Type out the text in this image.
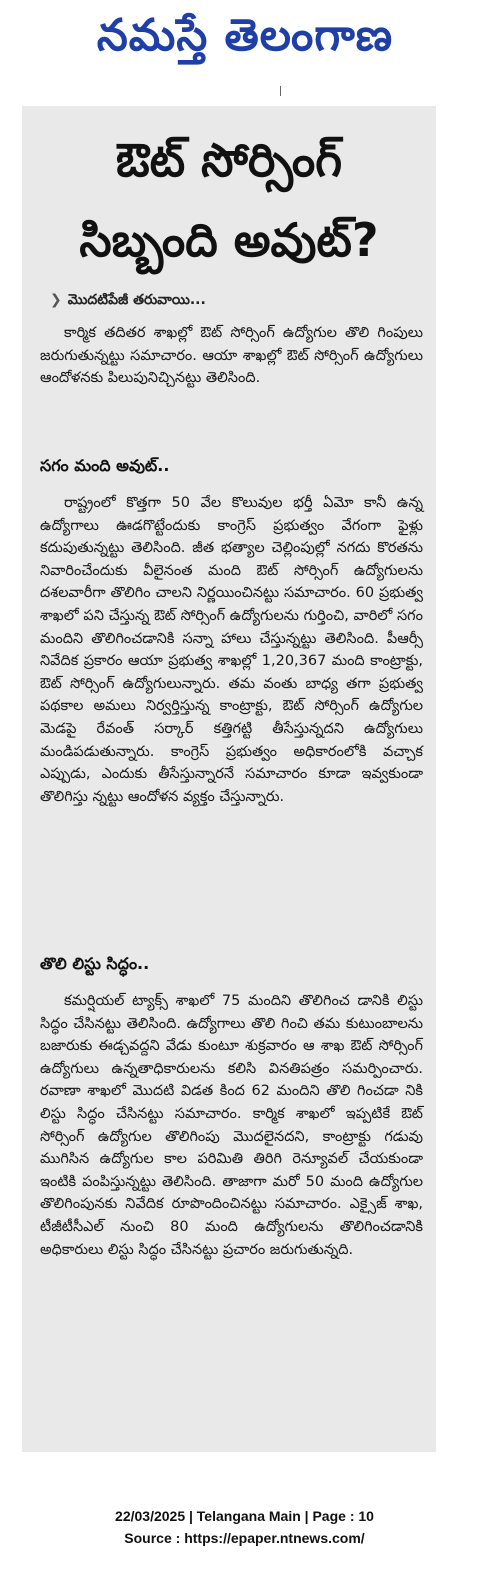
నమస్తే తెలంగాణ
ఔట్ సోర్సింగ్
సిబ్బంది అవుట్?
❯ మొదటిపేజీ తరువాయి...
కార్మిక తదితర శాఖల్లో ఔట్ సోర్సింగ్ ఉద్యోగుల తొలి గింపులు జరుగుతున్నట్టు సమాచారం. ఆయా శాఖల్లో ఔట్ సోర్సింగ్ ఉద్యోగులు ఆందోళనకు పిలుపునిచ్చినట్టు తెలిసింది.
సగం మంది అవుట్..
రాష్ట్రంలో కొత్తగా 50 వేల కొలువుల భర్తీ ఏమో కానీ ఉన్న ఉద్యోగాలు ఊడగొట్టేందుకు కాంగ్రెస్ ప్రభుత్వం వేగంగా ఫైళ్లు కదుపుతున్నట్టు తెలిసింది. జీత భత్యాల చెల్లింపుల్లో నగదు కొరతను నివారించేందుకు వీలైనంత మంది ఔట్ సోర్సింగ్ ఉద్యోగులను దశలవారీగా తొలిగిం చాలని నిర్ణయించినట్టు సమాచారం. 60 ప్రభుత్వ శాఖలో పని చేస్తున్న ఔట్ సోర్సింగ్ ఉద్యోగులను గుర్తించి, వారిలో సగం మందిని తొలిగించడానికి సన్నా హాలు చేస్తున్నట్టు తెలిసింది. పీఆర్సీ నివేదిక ప్రకారం ఆయా ప్రభుత్వ శాఖల్లో 1,20,367 మంది కాంట్రాక్టు, ఔట్ సోర్సింగ్ ఉద్యోగులున్నారు. తమ వంతు బాధ్య తగా ప్రభుత్వ పథకాల అమలు నిర్వర్తిస్తున్న కాంట్రాక్టు, ఔట్ సోర్సింగ్ ఉద్యోగుల మెడపై రేవంత్ సర్కార్ కత్తిగట్టి తీసేస్తున్నదని ఉద్యోగులు మండిపడుతున్నారు. కాంగ్రెస్ ప్రభుత్వం అధికారంలోకి వచ్చాక ఎప్పుడు, ఎందుకు తీసేస్తున్నారనే సమాచారం కూడా ఇవ్వకుండా తొలిగిస్తు న్నట్టు ఆందోళన వ్యక్తం చేస్తున్నారు.
తొలి లిస్టు సిద్ధం..
కమర్షియల్ ట్యాక్స్ శాఖలో 75 మందిని తొలిగించ డానికి లిస్టు సిద్ధం చేసినట్టు తెలిసింది. ఉద్యోగాలు తొలి గించి తమ కుటుంబాలను బజారుకు ఈడ్చవద్దని వేడు కుంటూ శుక్రవారం ఆ శాఖ ఔట్ సోర్సింగ్ ఉద్యోగులు ఉన్నతాధికారులను కలిసి వినతిపత్రం సమర్పించారు. రవాణా శాఖలో మొదటి విడత కింద 62 మందిని తొలి గించడా నికి లిస్టు సిద్ధం చేసినట్టు సమాచారం. కార్మిక శాఖలో ఇప్పటికే ఔట్ సోర్సింగ్ ఉద్యోగుల తొలిగింపు మొదలైనదని, కాంట్రాక్టు గడువు ముగిసిన ఉద్యోగుల కాల పరిమితి తిరిగి రెన్యూవల్ చేయకుండా ఇంటికి పంపిస్తున్నట్టు తెలిసింది. తాజాగా మరో 50 మంది ఉద్యోగుల తొలిగింపునకు నివేదిక రూపొందించినట్టు సమాచారం. ఎక్సైజ్ శాఖ, టీజీటీసీఎల్ నుంచి 80 మంది ఉద్యోగులను తొలిగించడానికి అధికారులు లిస్టు సిద్ధం చేసినట్టు ప్రచారం జరుగుతున్నది.
22/03/2025 | Telangana Main | Page : 10
Source : https://epaper.ntnews.com/
